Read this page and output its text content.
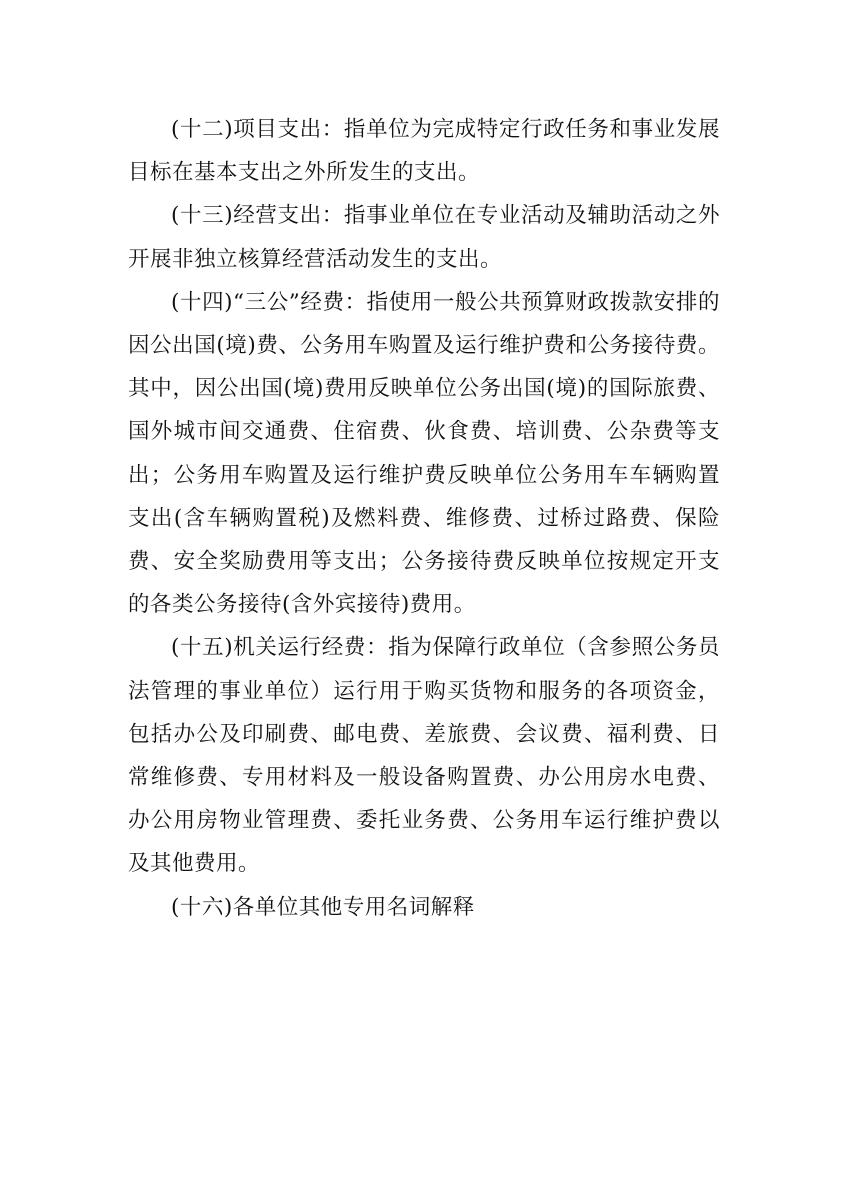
(十二)项目支出：指单位为完成特定行政任务和事业发展目标在基本支出之外所发生的支出。

(十三)经营支出：指事业单位在专业活动及辅助活动之外开展非独立核算经营活动发生的支出。

(十四)“三公”经费：指使用一般公共预算财政拨款安排的因公出国(境)费、公务用车购置及运行维护费和公务接待费。其中，因公出国(境)费用反映单位公务出国(境)的国际旅费、国外城市间交通费、住宿费、伙食费、培训费、公杂费等支出；公务用车购置及运行维护费反映单位公务用车车辆购置支出(含车辆购置税)及燃料费、维修费、过桥过路费、保险费、安全奖励费用等支出；公务接待费反映单位按规定开支的各类公务接待(含外宾接待)费用。

(十五)机关运行经费：指为保障行政单位（含参照公务员法管理的事业单位）运行用于购买货物和服务的各项资金，包括办公及印刷费、邮电费、差旅费、会议费、福利费、日常维修费、专用材料及一般设备购置费、办公用房水电费、办公用房物业管理费、委托业务费、公务用车运行维护费以及其他费用。

(十六)各单位其他专用名词解释
